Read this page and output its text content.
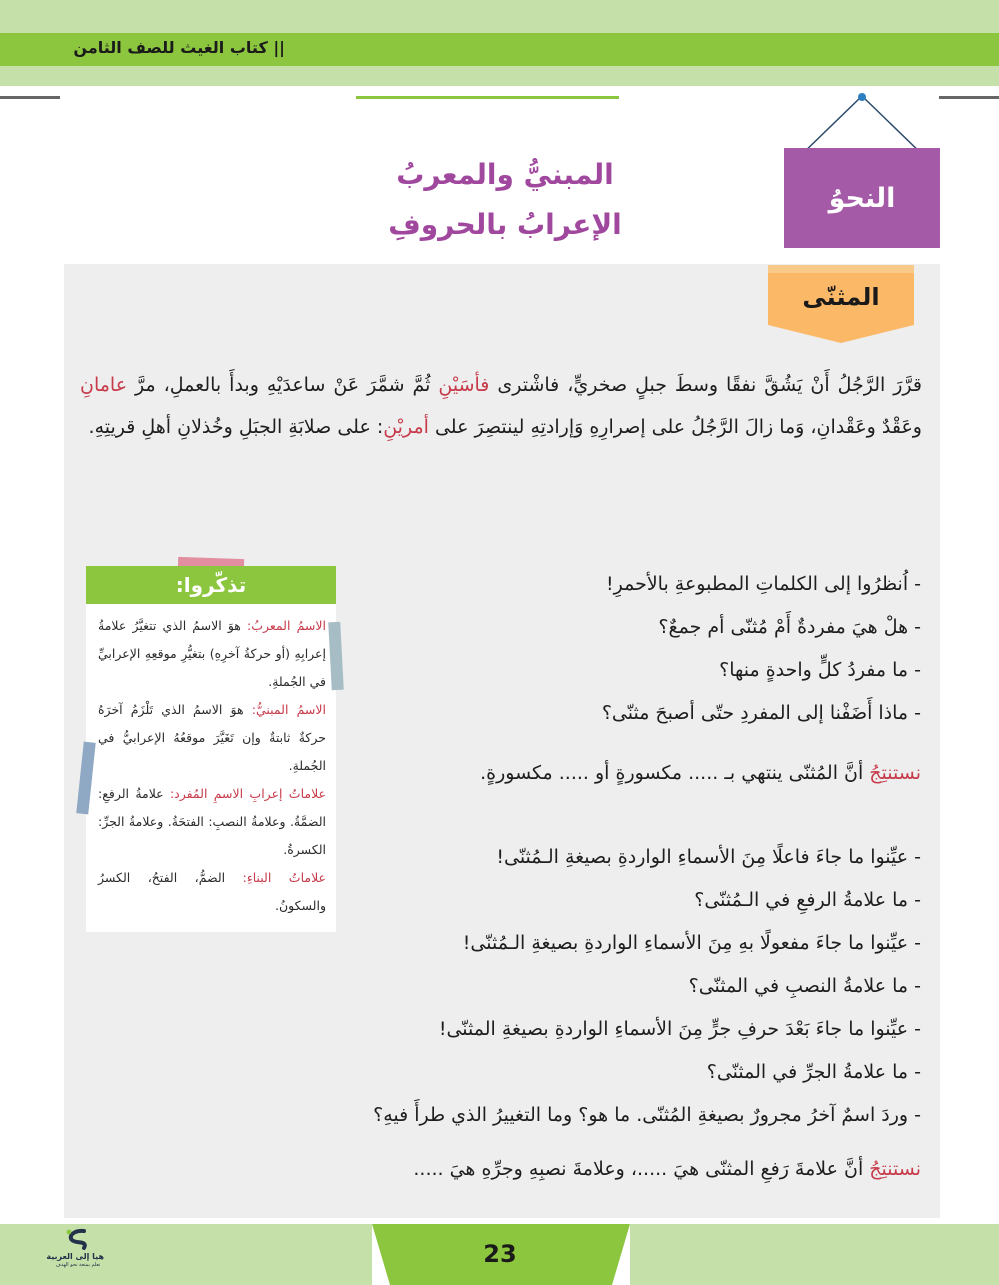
|| كتاب الغيث للصف الثامن
النحوُ
المبنيُّ والمعربُ
الإعرابُ بالحروفِ
المثنّى
قرَّرَ الرَّجُلُ أَنْ يَشُقَّ نفقًا وسطَ جبلٍ صخريٍّ، فاشْترى فأسَيْنِ ثُمَّ شمَّرَ عَنْ ساعدَيْهِ وبدأَ بالعملِ، مرَّ عامانِ وعَقْدٌ وعَقْدانِ، وَما زالَ الرَّجُلُ على إصرارِهِ وَإرادتِهِ لينتصِرَ على أمريْنِ: على صلابَةِ الجبَلِ وخُذلانِ أهلِ قريتِهِ.
تذكّروا:
الاسمُ المعربُ: هوَ الاسمُ الذي تتغيَّرُ علامةُ إعرابِهِ (أو حركةُ آخرِهِ) بتغيُّرِ موقعِهِ الإعرابيِّ في الجُملةِ.
الاسمُ المبنيُّ: هوَ الاسمُ الذي تَلْزَمُ آخرَهُ حركةٌ ثابتةٌ وإن تَغَيَّرَ موقعُهُ الإعرابيُّ في الجُملةِ.
علاماتُ إعرابِ الاسمِ المُفرد: علامةُ الرفعِ: الضمَّةُ. وعلامةُ النصبِ: الفتحَةُ. وعلامةُ الجرِّ: الكسرةُ.
علاماتُ البناءِ: الضمُّ، الفتحُ، الكسرُ والسكونُ.
- اُنظرُوا إلى الكلماتِ المطبوعةِ بالأحمرِ!
- هلْ هيَ مفردةٌ أَمْ مُثنّى أم جمعٌ؟
- ما مفردُ كلٍّ واحدةٍ منها؟
- ماذا أَضَفْنا إلى المفردِ حتّى أصبحَ مثنّى؟
نستنتِجُ أنَّ المُثنّى ينتهي بـ ..... مكسورةٍ أو ..... مكسورةٍ.
- عيِّنوا ما جاءَ فاعلًا مِنَ الأسماءِ الواردةِ بصيغةِ الـمُثنّى!
- ما علامةُ الرفعِ في الـمُثنّى؟
- عيِّنوا ما جاءَ مفعولًا بهِ مِنَ الأسماءِ الواردةِ بصيغةِ الـمُثنّى!
- ما علامةُ النصبِ في المثنّى؟
- عيِّنوا ما جاءَ بَعْدَ حرفِ جرٍّ مِنَ الأسماءِ الواردةِ بصيغةِ المثنّى!
- ما علامةُ الجرِّ في المثنّى؟
- وردَ اسمٌ آخرُ مجرورٌ بصيغةِ المُثنّى. ما هو؟ وما التغييرُ الذي طرأَ فيهِ؟
نستنتِجُ أنَّ علامةَ رَفعِ المثنّى هيَ .....، وعلامةَ نصبِهِ وجرِّهِ هيَ .....
23
هيا إلى العربية
تعلم بمتعة نحو الهدف
